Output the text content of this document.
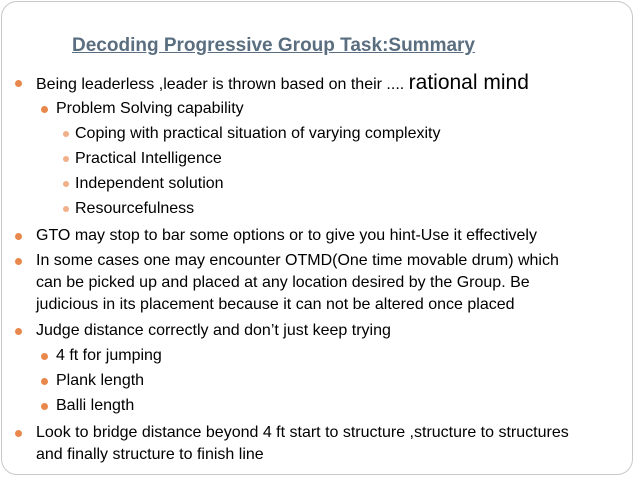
Decoding Progressive Group Task:Summary
Being leaderless ,leader is thrown based on their .... rational mind
Problem Solving capability
Coping with practical situation of varying complexity
Practical Intelligence
Independent solution
Resourcefulness
GTO may stop to bar some options or to give you hint-Use it effectively
In some cases one may encounter OTMD(One time movable drum) which
can be picked up and placed at any location desired by the Group. Be
judicious in its placement because it can not be altered once placed
Judge distance correctly and don’t just keep trying
4 ft for jumping
Plank length
Balli length
Look to bridge distance beyond 4 ft start to structure ,structure to structures
and finally structure to finish line
